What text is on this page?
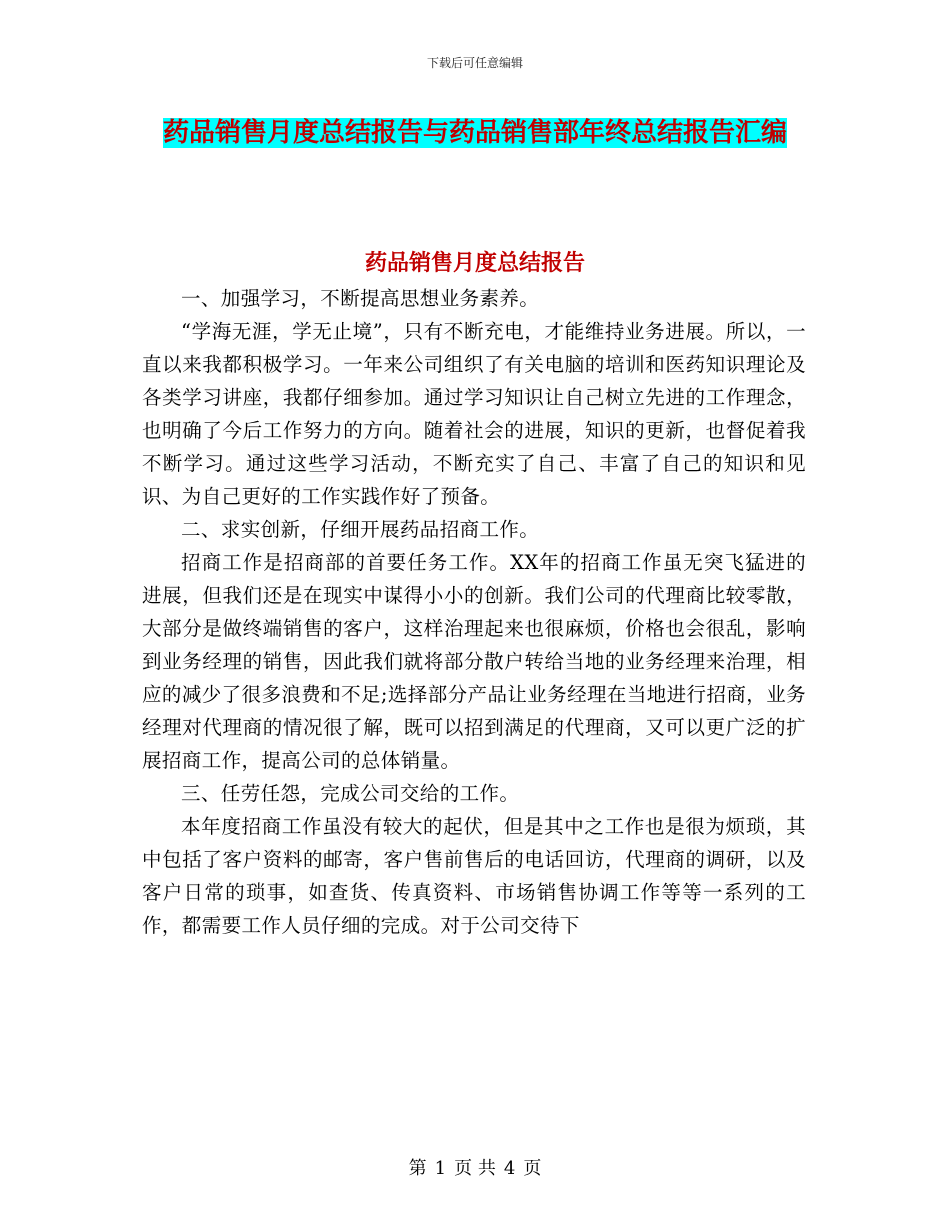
下载后可任意编辑
药品销售月度总结报告与药品销售部年终总结报告汇编
药品销售月度总结报告

一、加强学习，不断提高思想业务素养。

“学海无涯，学无止境”，只有不断充电，才能维持业务进展。所以，一直以来我都积极学习。一年来公司组织了有关电脑的培训和医药知识理论及各类学习讲座，我都仔细参加。通过学习知识让自己树立先进的工作理念，也明确了今后工作努力的方向。随着社会的进展，知识的更新，也督促着我不断学习。通过这些学习活动，不断充实了自己、丰富了自己的知识和见识、为自己更好的工作实践作好了预备。

二、求实创新，仔细开展药品招商工作。

招商工作是招商部的首要任务工作。XX年的招商工作虽无突飞猛进的进展，但我们还是在现实中谋得小小的创新。我们公司的代理商比较零散，大部分是做终端销售的客户，这样治理起来也很麻烦，价格也会很乱，影响到业务经理的销售，因此我们就将部分散户转给当地的业务经理来治理，相应的减少了很多浪费和不足;选择部分产品让业务经理在当地进行招商，业务经理对代理商的情况很了解，既可以招到满足的代理商，又可以更广泛的扩展招商工作，提高公司的总体销量。

三、任劳任怨，完成公司交给的工作。

本年度招商工作虽没有较大的起伏，但是其中之工作也是很为烦琐，其中包括了客户资料的邮寄，客户售前售后的电话回访，代理商的调研，以及客户日常的琐事，如查货、传真资料、市场销售协调工作等等一系列的工作，都需要工作人员仔细的完成。对于公司交待下

第 1 页 共 4 页
